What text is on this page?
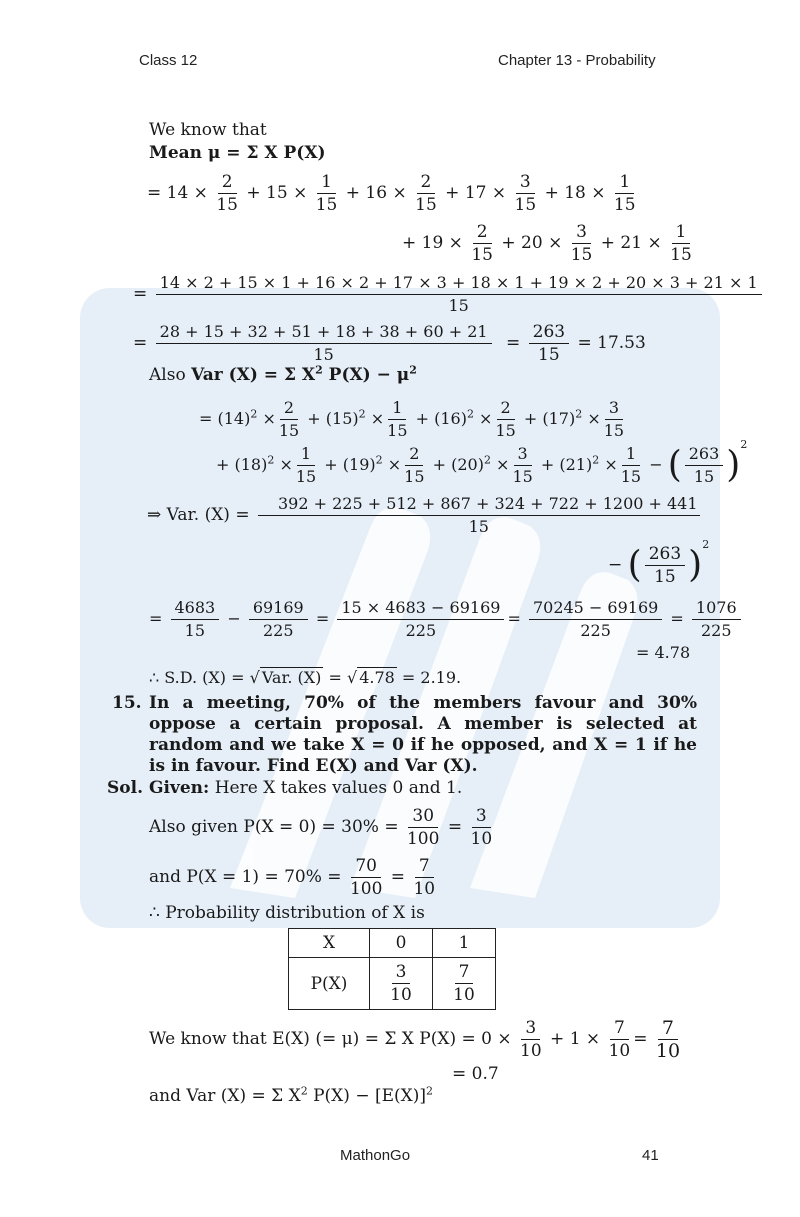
Class 12	Chapter 13 - Probability
We know that
Mean μ = Σ X P(X)
= $14 \times \frac{2}{15} + 15 \times \frac{1}{15} + 16 \times \frac{2}{15} + 17 \times \frac{3}{15} + 18 \times \frac{1}{15}$
+ $19 \times \frac{2}{15} + 20 \times \frac{3}{15} + 21 \times \frac{1}{15}$
=
14 × 2 + 15 × 1 + 16 × 2 + 17 × 3 + 18 × 1 + 19 × 2 + 20 × 3 + 21 × 1
15
= $\frac{28 + 15 + 32 + 51 + 18 + 38 + 60 + 21}{15} = \frac{263}{15} = 17.53$
Also Var (X) = Σ $X^2$ $P(X) - \mu^2$
= $(14)^2 \times \frac{2}{15} + (15)^2 \times \frac{1}{15} + (16)^2 \times \frac{2}{15} + (17)^2 \times \frac{3}{15}$
+ $(18)^2 \times \frac{1}{15} + (19)^2 \times \frac{2}{15} + (20)^2 \times \frac{3}{15} + (21)^2 \times \frac{1}{15}$ − ( $\frac{263}{15} )^2$
⇒ Var. $(X) = \frac{392 + 225 + 512 + 867 + 324 + 722 + 1200 + 441}{15}$
− ( $\frac{263}{15} )^2$
= $\frac{4683}{15} - \frac{69169}{225} = \frac{15 \times 4683 - 69169}{225} = \frac{70245 - 69169}{225} = \frac{1076}{225}$
= 4.78
∴ S.D. (X) = √ Var. (X) = √ 4.78 = 2.19.
15. In a meeting, 70% of the members favour and 30% oppose a certain proposal. A member is selected at random and we take X = 0 if he opposed, and X = 1 if he is in favour. Find E(X) and Var (X).
Sol. Given: Here X takes values 0 and 1.
Also given $P(X = 0) = 30\% = \frac{30}{100} = \frac{3}{10}$
and $P(X = 1) = 70\% = \frac{70}{100} = \frac{7}{10}$
∴ Probability distribution of X is
X	0	1
P(X)	$\frac{3}{10}$	$\frac{7}{10}$
We know that E(X) (= μ) = Σ X $P(X) = 0 \times \frac{3}{10} + 1 \times \frac{7}{10} = \frac{7}{10}$
= 0.7
and Var (X) = Σ $X^2$ $P(X) - [E(X)]^2$
MathonGo	41
